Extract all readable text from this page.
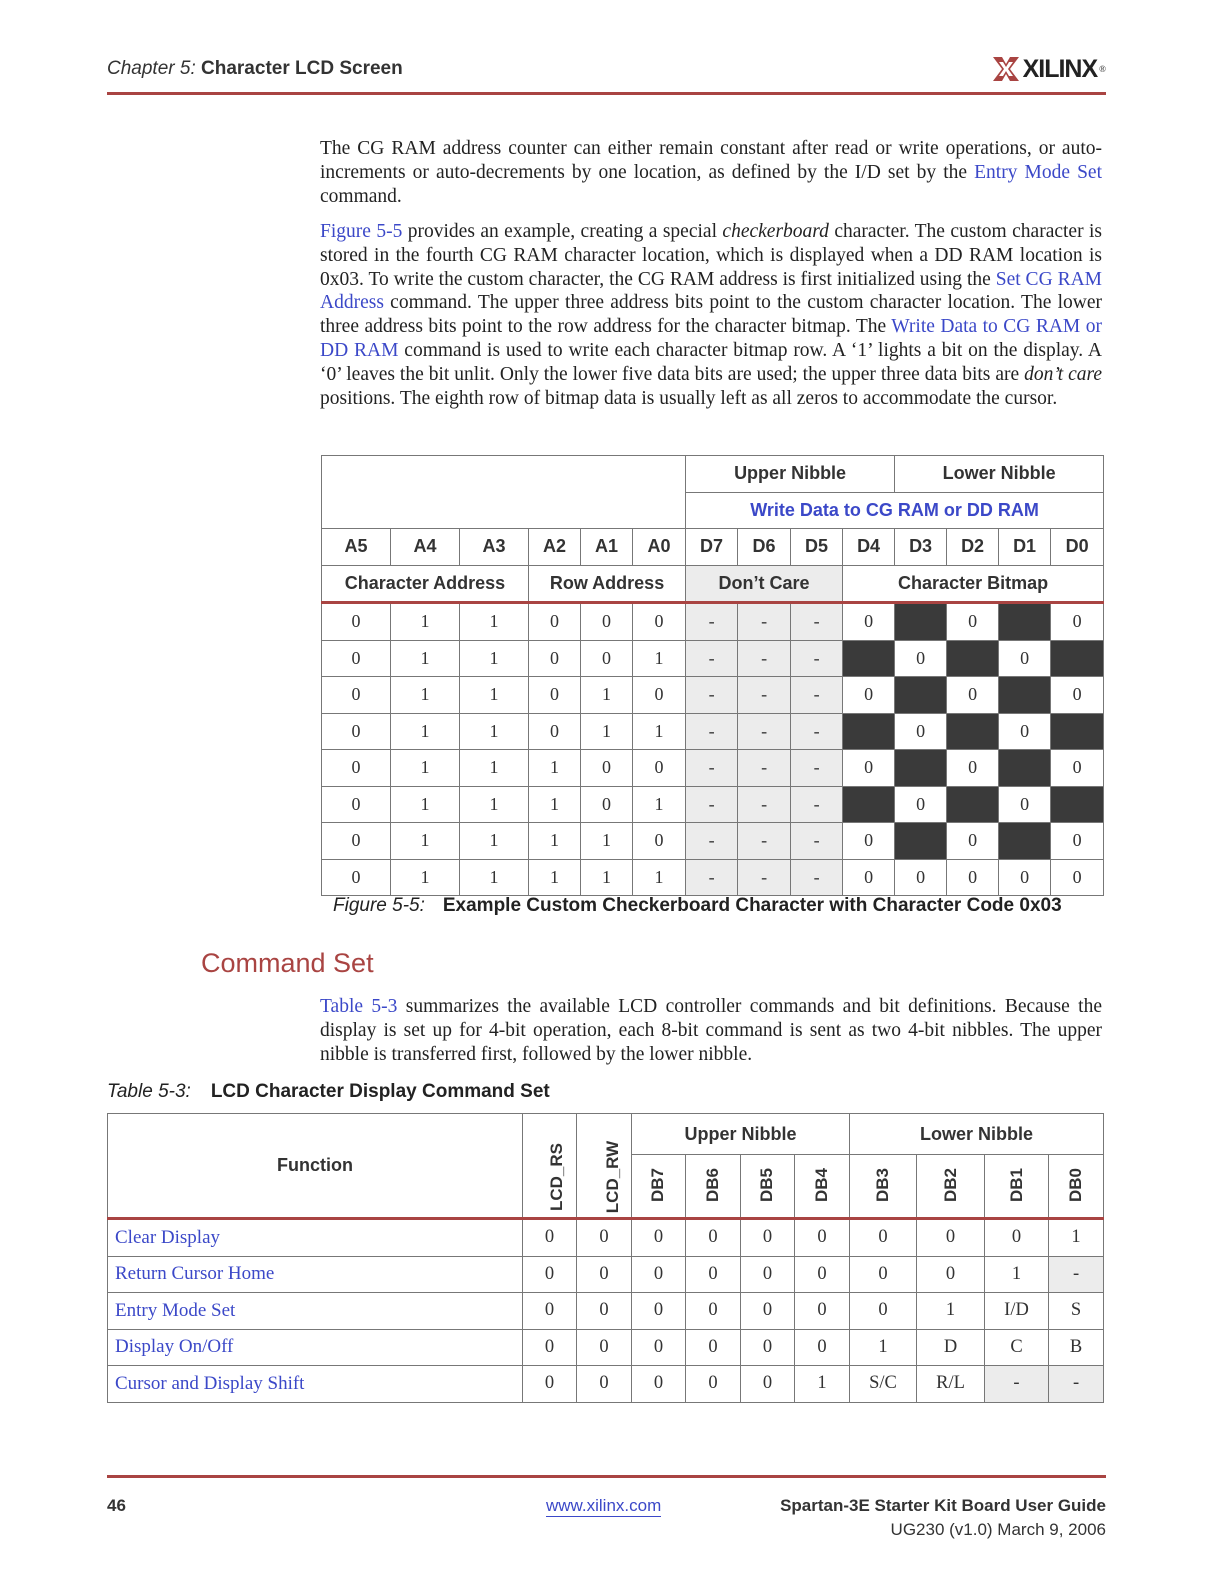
Chapter 5: Character LCD Screen	XILINX ®
The CG RAM address counter can either remain constant after read or write operations, or auto-increments or auto-decrements by one location, as defined by the I/D set by the Entry Mode Set command.
Figure 5-5 provides an example, creating a special checkerboard character. The custom character is stored in the fourth CG RAM character location, which is displayed when a DD RAM location is 0x03. To write the custom character, the CG RAM address is first initialized using the Set CG RAM Address command. The upper three address bits point to the custom character location. The lower three address bits point to the row address for the character bitmap. The Write Data to CG RAM or DD RAM command is used to write each character bitmap row. A ‘1’ lights a bit on the display. A ‘0’ leaves the bit unlit. Only the lower five data bits are used; the upper three data bits are don’t care positions. The eighth row of bitmap data is usually left as all zeros to accommodate the cursor.
						Upper Nibble				Lower Nibble			
						Write Data to CG RAM or DD RAM							
A5	A4	A3	A2	A1	A0	D7	D6	D5	D4	D3	D2	D1	D0
Character Address			Row Address			Don’t Care			Character Bitmap				
0	1	1	0	0	0	-	-	-	0		0		0
0	1	1	0	0	1	-	-	-		0		0	
0	1	1	0	1	0	-	-	-	0		0		0
0	1	1	0	1	1	-	-	-		0		0	
0	1	1	1	0	0	-	-	-	0		0		0
0	1	1	1	0	1	-	-	-		0		0	
0	1	1	1	1	0	-	-	-	0		0		0
0	1	1	1	1	1	-	-	-	0	0	0	0	0
Figure 5-5: Example Custom Checkerboard Character with Character Code 0x03
Command Set
Table 5-3 summarizes the available LCD controller commands and bit definitions. Because the display is set up for 4-bit operation, each 8-bit command is sent as two 4-bit nibbles. The upper nibble is transferred first, followed by the lower nibble.
Table 5-3: LCD Character Display Command Set
Function	LCD_RS	LCD_RW	Upper Nibble				Lower Nibble			
			DB7	DB6	DB5	DB4	DB3	DB2	DB1	DB0
Clear Display	0	0	0	0	0	0	0	0	0	1
Return Cursor Home	0	0	0	0	0	0	0	0	1	-
Entry Mode Set	0	0	0	0	0	0	0	1	I/D	S
Display On/Off	0	0	0	0	0	0	1	D	C	B
Cursor and Display Shift	0	0	0	0	0	1	S/C	R/L	-	-
46	www.xilinx.com	Spartan-3E Starter Kit Board User Guide
UG230 (v1.0) March 9, 2006
